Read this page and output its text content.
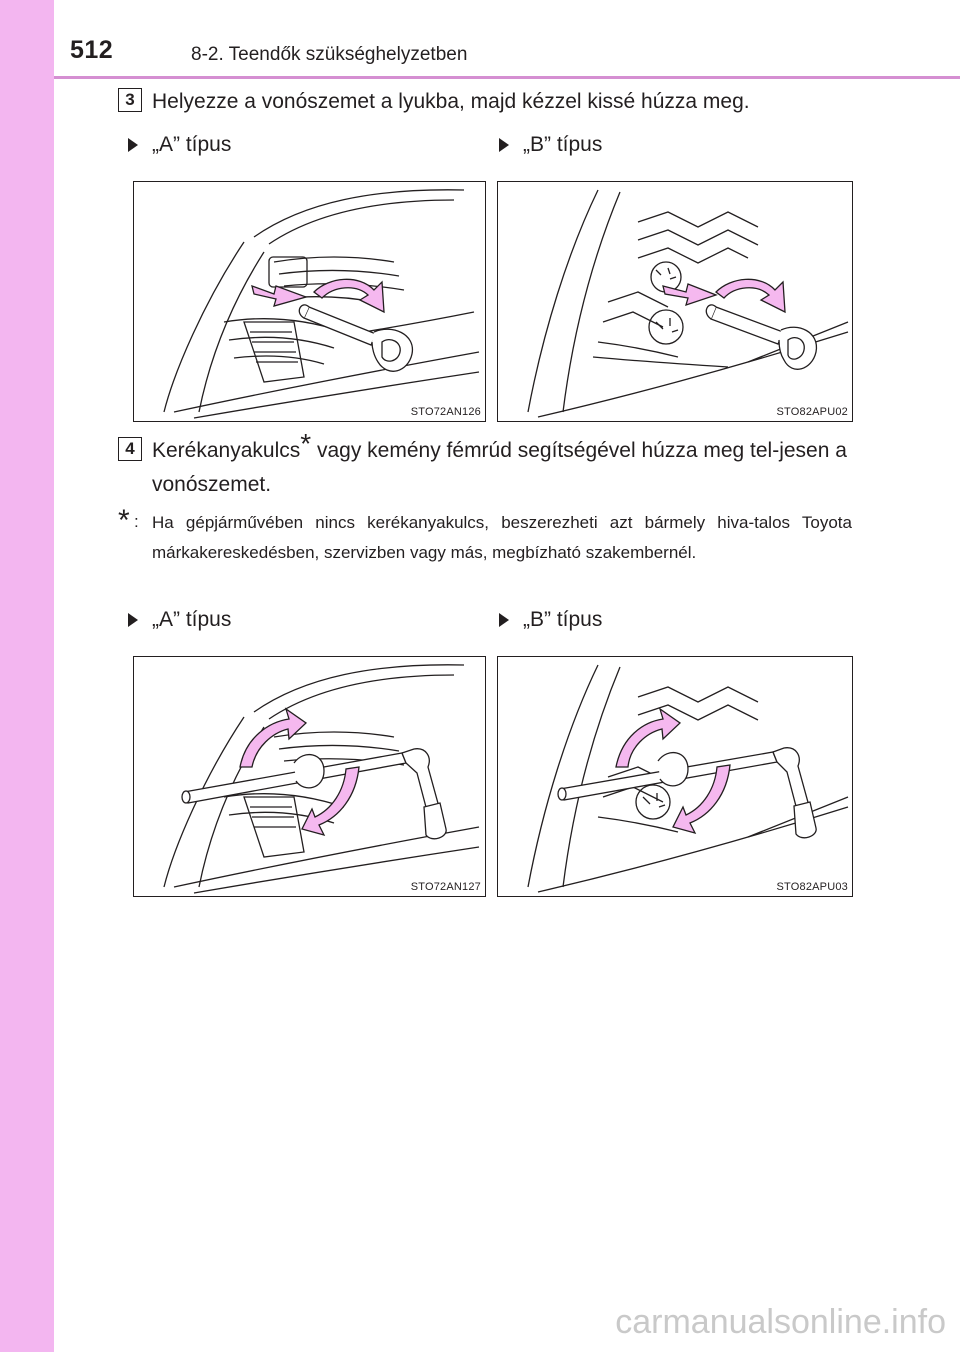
512	8-2. Teendők szükséghelyzetben
3 Helyezze a vonószemet a lyukba, majd kézzel kissé húzza meg.
„A” típus	„B” típus
STO72AN126	STO82APU02
4 Kerékanyakulcs* vagy kemény fémrúd segítségével húzza meg tel-jesen a vonószemet.
* : Ha gépjárművében nincs kerékanyakulcs, beszerezheti azt bármely hiva-talos Toyota márkakereskedésben, szervizben vagy más, megbízható szakembernél.
„A” típus	„B” típus
STO72AN127	STO82APU03
carmanualsonline.info
